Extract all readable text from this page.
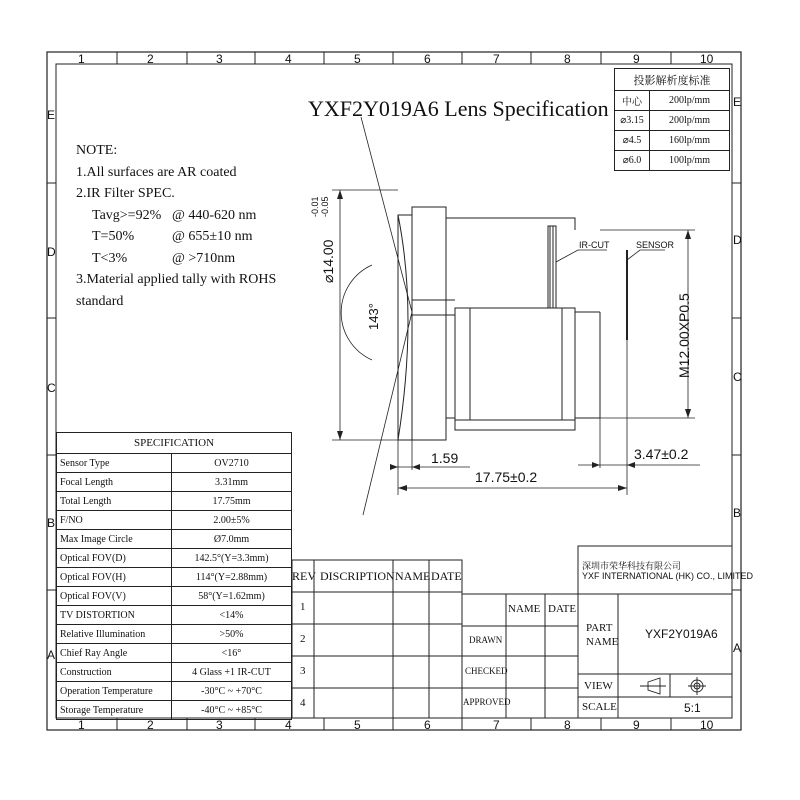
1	2	3	4	5	6	7	8	9	10
1	2	3	4	5	6	7	8	9	10
E
D
C
B
A
E
D
C
B
A
YXF2Y019A6 Lens Specification
投影解析度标准	
中心	200lp/mm
⌀3.15	200lp/mm
⌀4.5	160lp/mm
⌀6.0	100lp/mm
NOTE:
1.All surfaces are AR coated
2.IR Filter SPEC.
Tavg>=92% @ 440-620 nm
T=50%	@ 655±10 nm
T<3%	@ >710nm
3.Material applied tally with ROHS
standard
⌀14.00
-0.01 -0.05
143°
IR-CUT	SENSOR
M12.00XP0.5
1.59
17.75±0.2
3.47±0.2
SPECIFICATION	
Sensor Type	OV2710
Focal Length	3.31mm
Total Length	17.75mm
F/NO	2.00±5%
Max Image Circle	Ø7.0mm
Optical FOV(D)	142.5°(Y=3.3mm)
Optical FOV(H)	114°(Y=2.88mm)
Optical FOV(V)	58°(Y=1.62mm)
TV DISTORTION	<14%
Relative Illumination	>50%
Chief Ray Angle	<16°
Construction	4 Glass +1 IR-CUT
Operation Temperature	-30°C ~ +70°C
Storage Temperature	-40°C ~ +85°C
REV DISCRIPTION NAME DATE
1
2
3
4
NAME DATE
DRAWN
CHECKED
APPROVED
深圳市荣华科技有限公司
YXF INTERNATIONAL (HK) CO., LIMITED
PART
NAME
YXF2Y019A6
VIEW
SCALE	5:1
